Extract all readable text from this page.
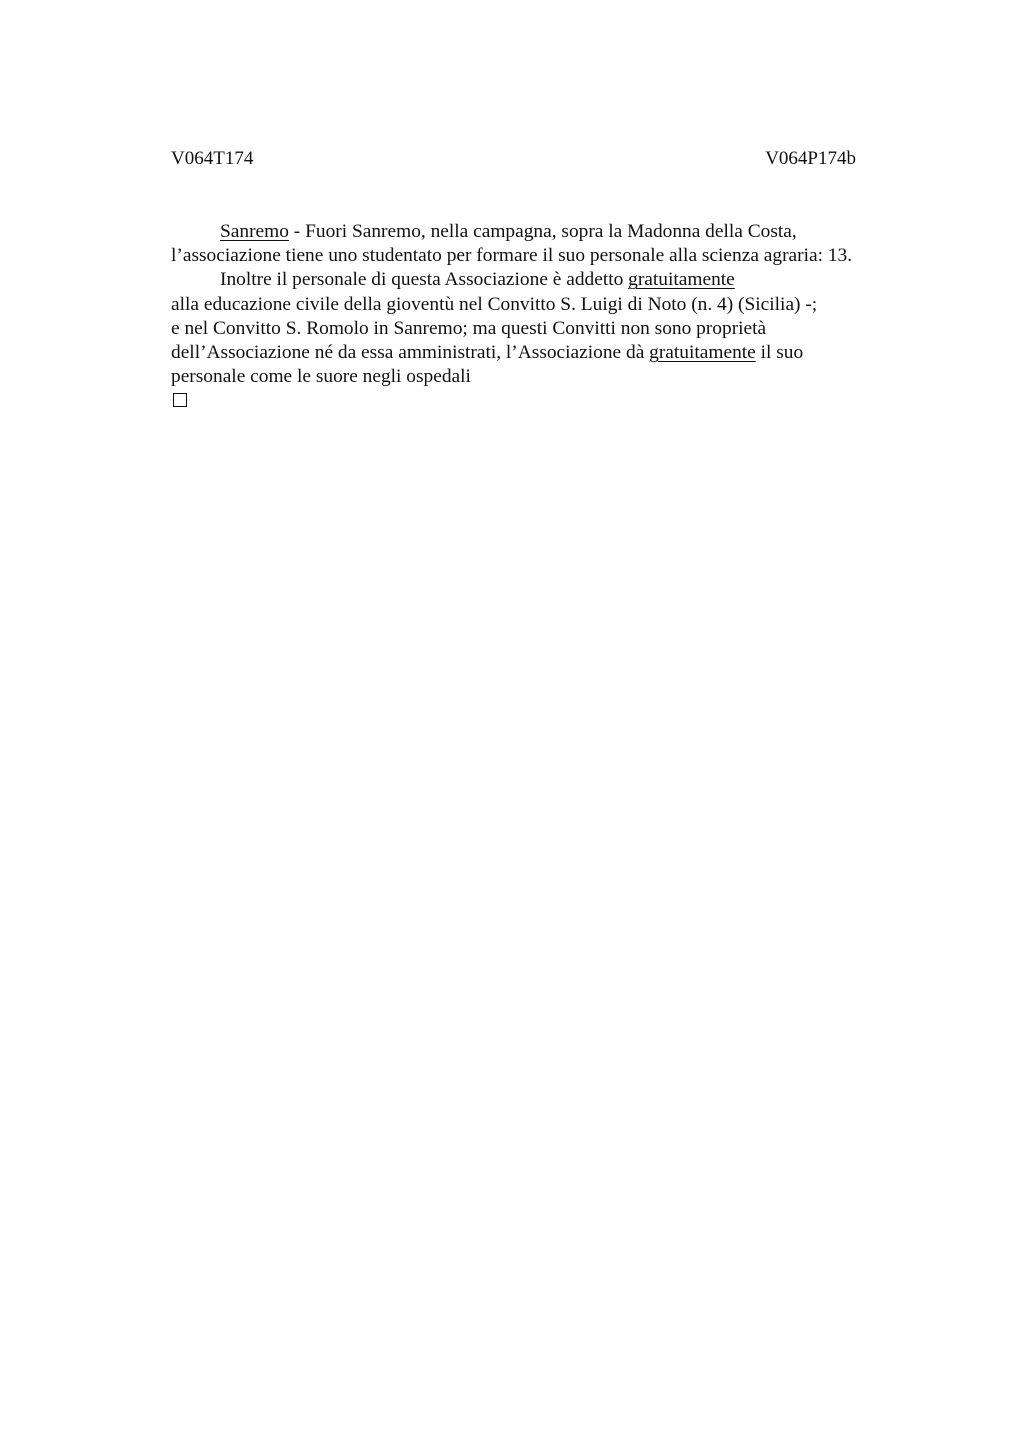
V064T174	V064P174b
Sanremo - Fuori Sanremo, nella campagna, sopra la Madonna della Costa,
l’associazione tiene uno studentato per formare il suo personale alla scienza agraria: 13.
Inoltre il personale di questa Associazione è addetto gratuitamente
alla educazione civile della gioventù nel Convitto S. Luigi di Noto (n. 4) (Sicilia) -;
e nel Convitto S. Romolo in Sanremo; ma questi Convitti non sono proprietà
dell’Associazione né da essa amministrati, l’Associazione dà gratuitamente il suo
personale come le suore negli ospedali
